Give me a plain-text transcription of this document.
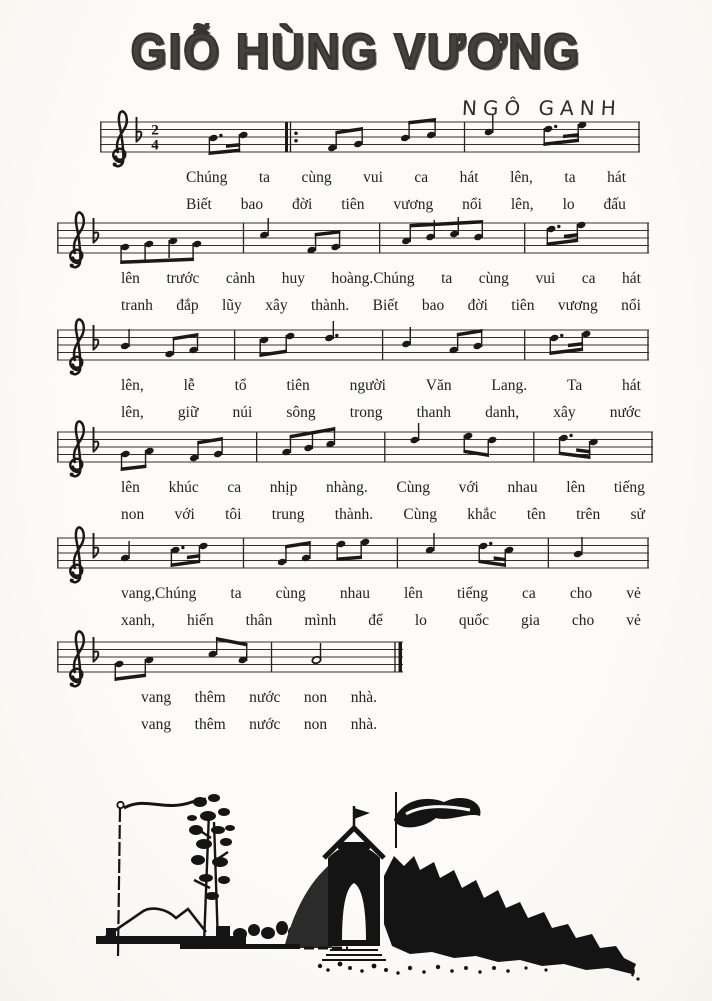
GIỖ HÙNG VƯƠNG
NGÔ GANH
2
4
Chúng ta cùng vui ca hát lên, ta hát
Biết bao đời tiên vương nổi lên, lo đấu
lên trước cảnh huy hoàng.Chúng ta cùng vui ca hát
tranh đắp lũy xây thành. Biết bao đời tiên vương nổi
lên,	lễ	tổ	tiên	người	Văn	Lang.	Ta	hát
lên, giữ núi sông trong thanh danh, xây nước
lên khúc ca nhịp nhàng. Cùng với nhau lên tiếng
non với tôi trung thành. Cùng khắc tên trên sử
vang,Chúng ta cùng nhau lên tiếng ca cho vẻ
xanh, hiến thân mình để lo quốc gia cho vẻ
vang thêm nước non nhà.
vang thêm nước non nhà.
